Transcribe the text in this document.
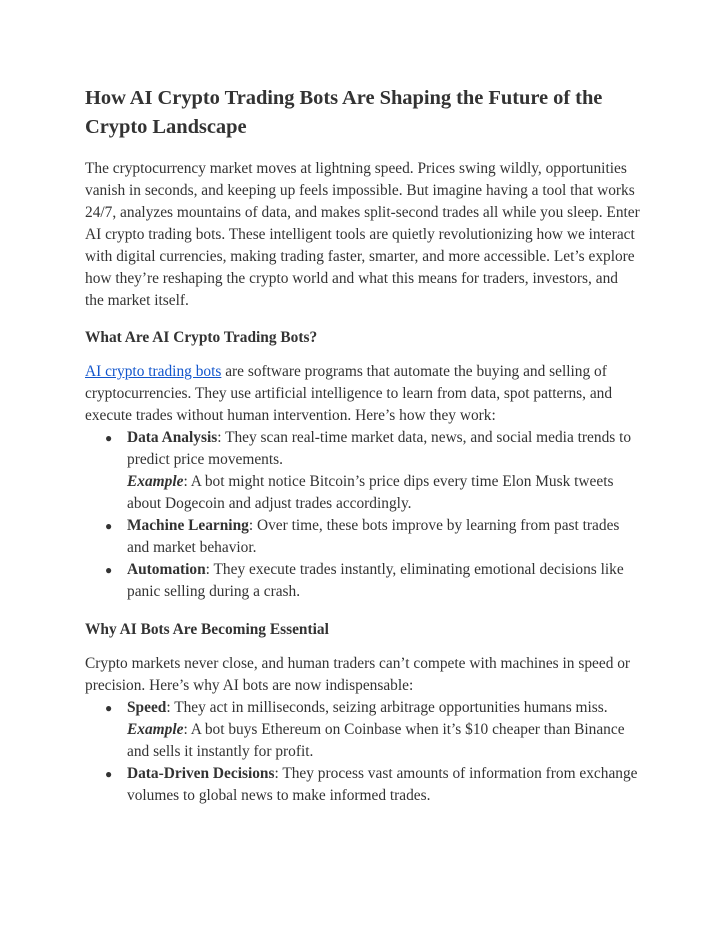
How AI Crypto Trading Bots Are Shaping the Future of the Crypto Landscape

The cryptocurrency market moves at lightning speed. Prices swing wildly, opportunities vanish in seconds, and keeping up feels impossible. But imagine having a tool that works 24/7, analyzes mountains of data, and makes split-second trades all while you sleep. Enter AI crypto trading bots. These intelligent tools are quietly revolutionizing how we interact with digital currencies, making trading faster, smarter, and more accessible. Let’s explore how they’re reshaping the crypto world and what this means for traders, investors, and the market itself.

What Are AI Crypto Trading Bots?

AI crypto trading bots are software programs that automate the buying and selling of cryptocurrencies. They use artificial intelligence to learn from data, spot patterns, and execute trades without human intervention. Here’s how they work:

● Data Analysis: They scan real-time market data, news, and social media trends to predict price movements.
Example: A bot might notice Bitcoin’s price dips every time Elon Musk tweets about Dogecoin and adjust trades accordingly.
● Machine Learning: Over time, these bots improve by learning from past trades and market behavior.
● Automation: They execute trades instantly, eliminating emotional decisions like panic selling during a crash.
Why AI Bots Are Becoming Essential

Crypto markets never close, and human traders can’t compete with machines in speed or precision. Here’s why AI bots are now indispensable:

● Speed: They act in milliseconds, seizing arbitrage opportunities humans miss.
Example: A bot buys Ethereum on Coinbase when it’s $10 cheaper than Binance and sells it instantly for profit.
● Data-Driven Decisions: They process vast amounts of information from exchange volumes to global news to make informed trades.
